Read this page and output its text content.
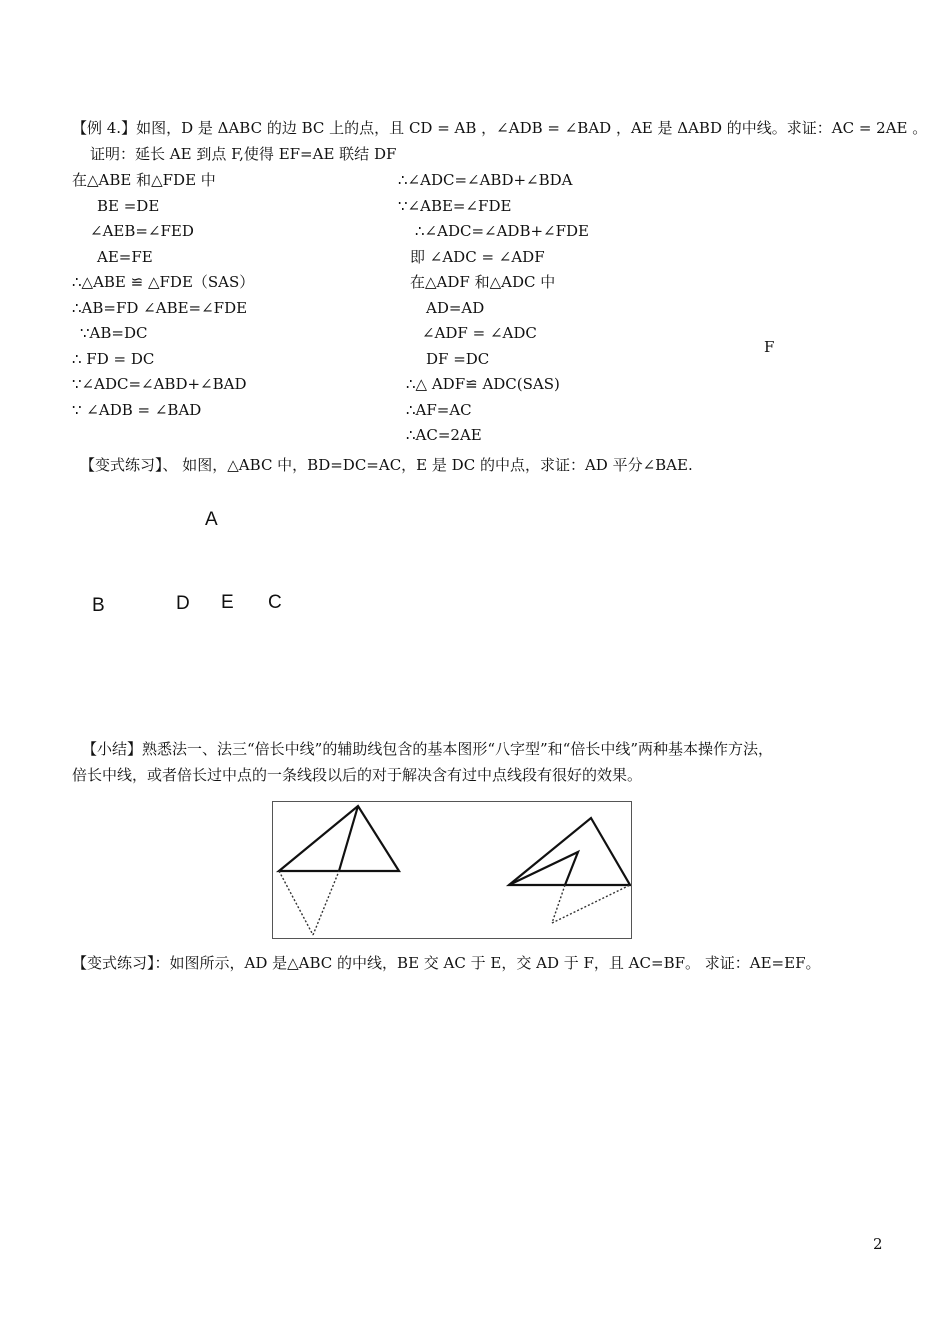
【例 4.】如图，D 是 ΔABC 的边 BC 上的点，且 CD = AB ，∠ADB = ∠BAD ，AE 是 ΔABD 的中线。求证：AC = 2AE 。
证明：延长 AE 到点 F,使得 EF=AE 联结 DF
在△ABE 和△FDE 中
BE =DE
∠AEB=∠FED
AE=FE
∴△ABE ≌ △FDE（SAS）
∴AB=FD ∠ABE=∠FDE
∵AB=DC
∴ FD = DC
∵∠ADC=∠ABD+∠BAD
∵ ∠ADB = ∠BAD
∴∠ADC=∠ABD+∠BDA
∵∠ABE=∠FDE
∴∠ADC=∠ADB+∠FDE
即 ∠ADC = ∠ADF
在△ADF 和△ADC 中
AD=AD
∠ADF = ∠ADC
DF =DC
∴△ ADF≌ ADC(SAS)
∴AF=AC
∴AC=2AE
F
【变式练习】、 如图，△ABC 中，BD=DC=AC，E 是 DC 的中点，求证：AD 平分∠BAE.
A
B	D E C
【小结】熟悉法一、法三“倍长中线”的辅助线包含的基本图形“八字型”和“倍长中线”两种基本操作方法，
倍长中线，或者倍长过中点的一条线段以后的对于解决含有过中点线段有很好的效果。
【变式练习】：如图所示，AD 是△ABC 的中线，BE 交 AC 于 E，交 AD 于 F，且 AC=BF。 求证：AE=EF。
2
